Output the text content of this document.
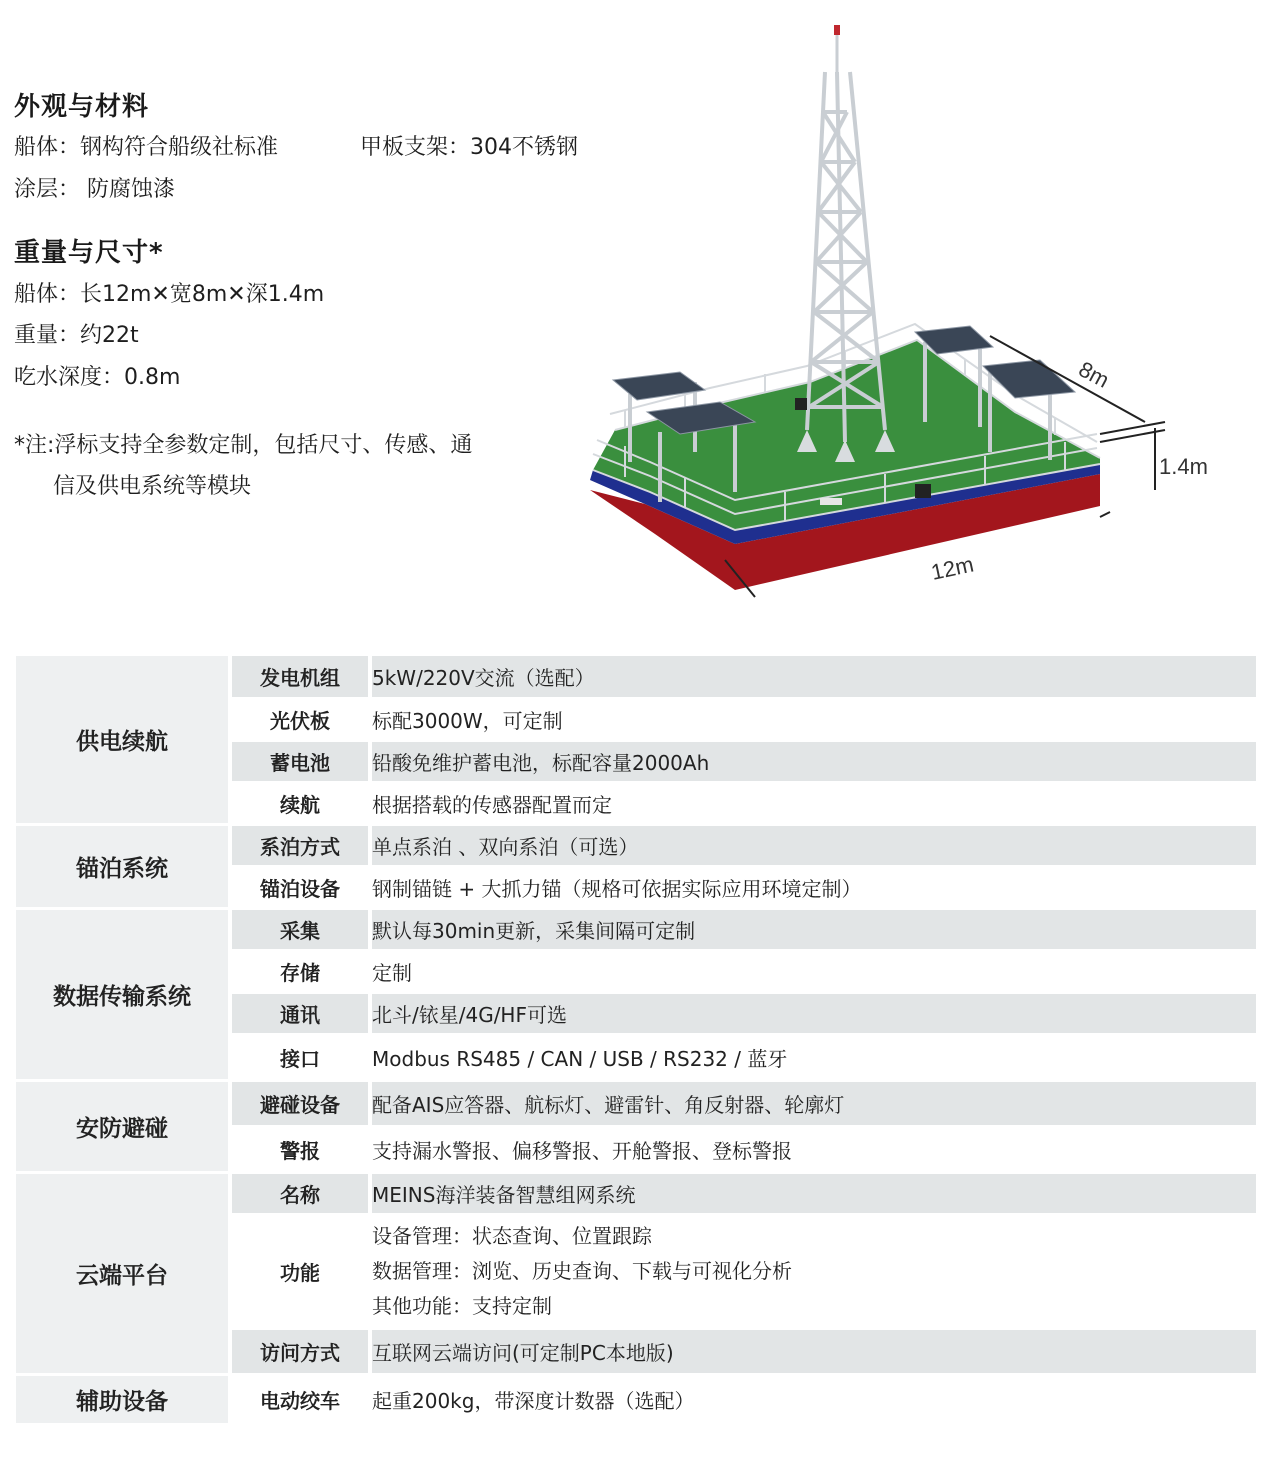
外观与材料
船体：钢构符合船级社标准	甲板支架：304不锈钢
涂层： 防腐蚀漆
重量与尺寸*
船体：长12m✕宽8m✕深1.4m
重量：约22t
吃水深度：0.8m
*注:浮标支持全参数定制，包括尺寸、传感、通
信及供电系统等模块
8m
1.4m
12m
供电续航	发电机组	5kW/220V交流（选配）
	光伏板	标配3000W，可定制
	蓄电池	铅酸免维护蓄电池，标配容量2000Ah
	续航	根据搭载的传感器配置而定
锚泊系统	系泊方式	单点系泊 、双向系泊（可选）
	锚泊设备	钢制锚链 + 大抓力锚（规格可依据实际应用环境定制）
数据传输系统	采集	默认每30min更新，采集间隔可定制
	存储	定制
	通讯	北斗/铱星/4G/HF可选
	接口	Modbus RS485 / CAN / USB / RS232 / 蓝牙
安防避碰	避碰设备	配备AIS应答器、航标灯、避雷针、角反射器、轮廓灯
	警报	支持漏水警报、偏移警报、开舱警报、登标警报
云端平台	名称	MEINS海洋装备智慧组网系统
	功能	设备管理：状态查询、位置跟踪
数据管理：浏览、历史查询、下载与可视化分析
其他功能：支持定制

	访问方式	互联网云端访问(可定制PC本地版)
辅助设备	电动绞车	起重200kg，带深度计数器（选配）
